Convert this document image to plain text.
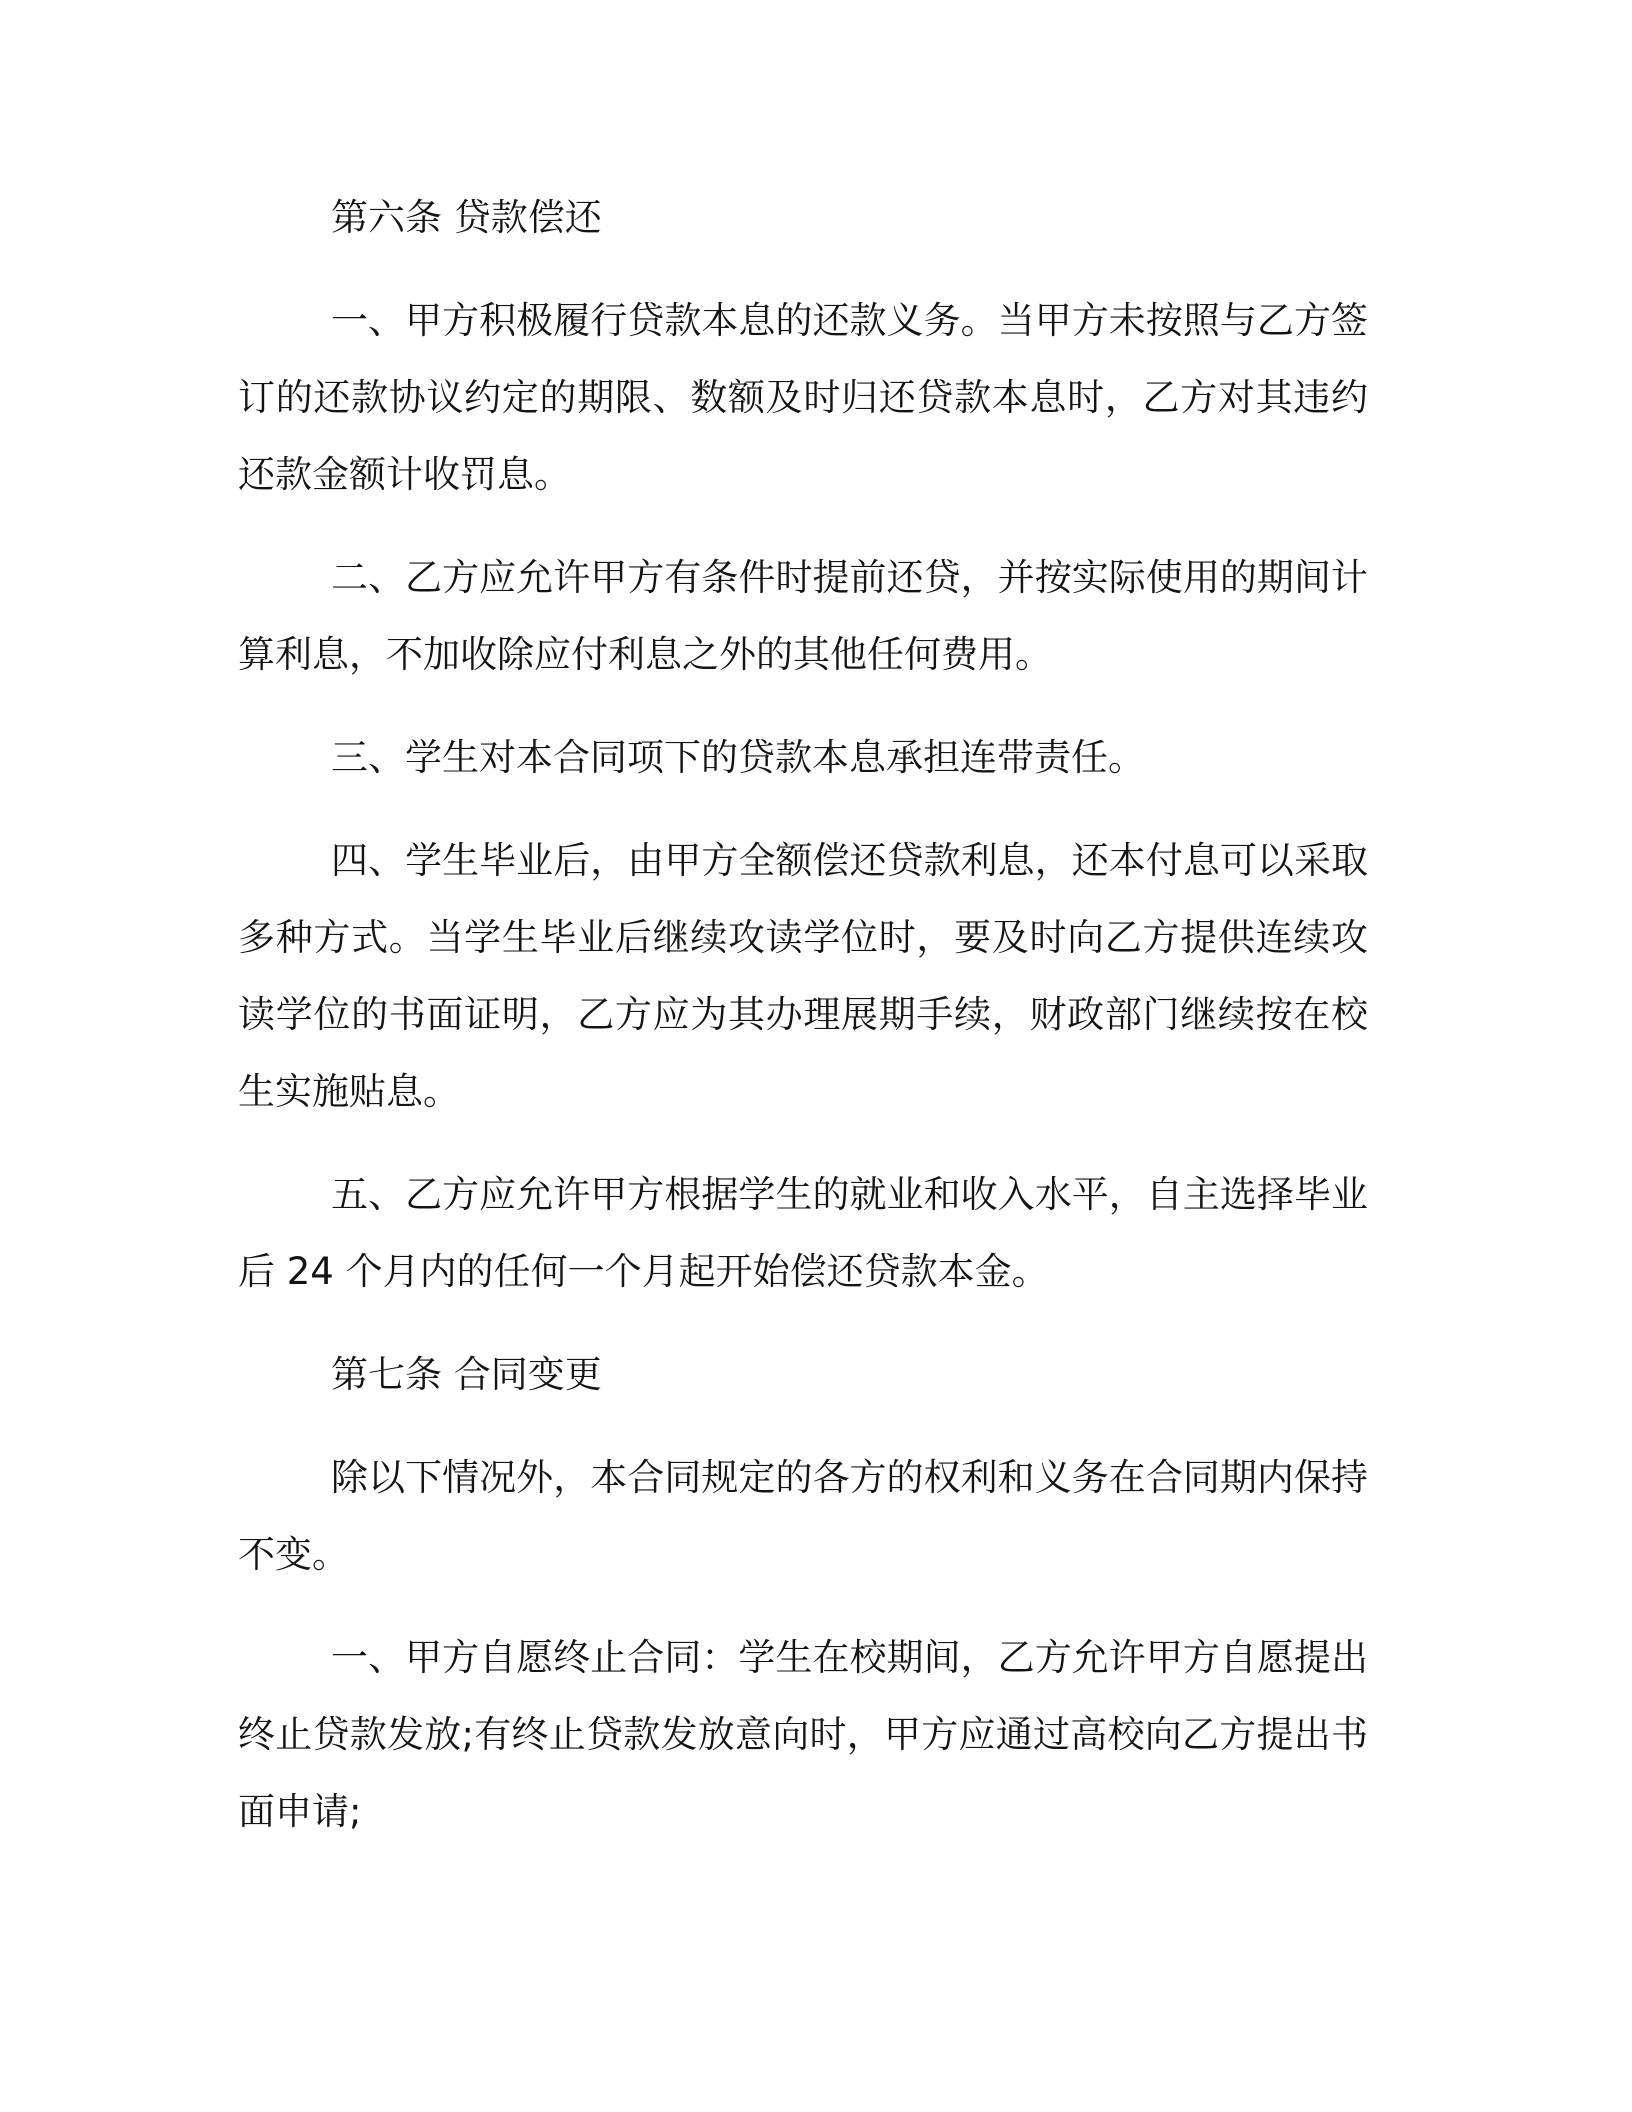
第六条 贷款偿还
一、甲方积极履行贷款本息的还款义务。当甲方未按照与乙方签
订的还款协议约定的期限、数额及时归还贷款本息时，乙方对其违约
还款金额计收罚息。
二、乙方应允许甲方有条件时提前还贷，并按实际使用的期间计
算利息，不加收除应付利息之外的其他任何费用。
三、学生对本合同项下的贷款本息承担连带责任。
四、学生毕业后，由甲方全额偿还贷款利息，还本付息可以采取
多种方式。当学生毕业后继续攻读学位时，要及时向乙方提供连续攻
读学位的书面证明，乙方应为其办理展期手续，财政部门继续按在校
生实施贴息。
五、乙方应允许甲方根据学生的就业和收入水平，自主选择毕业
后 24 个月内的任何一个月起开始偿还贷款本金。
第七条 合同变更
除以下情况外，本合同规定的各方的权利和义务在合同期内保持
不变。
一、甲方自愿终止合同：学生在校期间，乙方允许甲方自愿提出
终止贷款发放;有终止贷款发放意向时，甲方应通过高校向乙方提出书
面申请;
